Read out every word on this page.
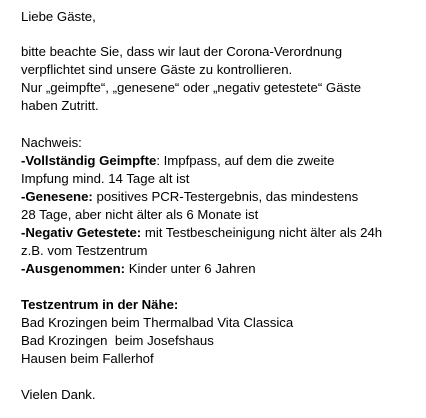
Liebe Gäste,
bitte beachte Sie, dass wir laut der Corona-Verordnung
verpflichtet sind unsere Gäste zu kontrollieren.
Nur „geimpfte“, „genesene“ oder „negativ getestete“ Gäste
haben Zutritt.
Nachweis:
-Vollständig Geimpfte: Impfpass, auf dem die zweite
Impfung mind. 14 Tage alt ist
-Genesene: positives PCR-Testergebnis, das mindestens
28 Tage, aber nicht älter als 6 Monate ist
-Negativ Getestete: mit Testbescheinigung nicht älter als 24h
z.B. vom Testzentrum
-Ausgenommen: Kinder unter 6 Jahren
Testzentrum in der Nähe:
Bad Krozingen beim Thermalbad Vita Classica
Bad Krozingen  beim Josefshaus
Hausen beim Fallerhof
Vielen Dank.
